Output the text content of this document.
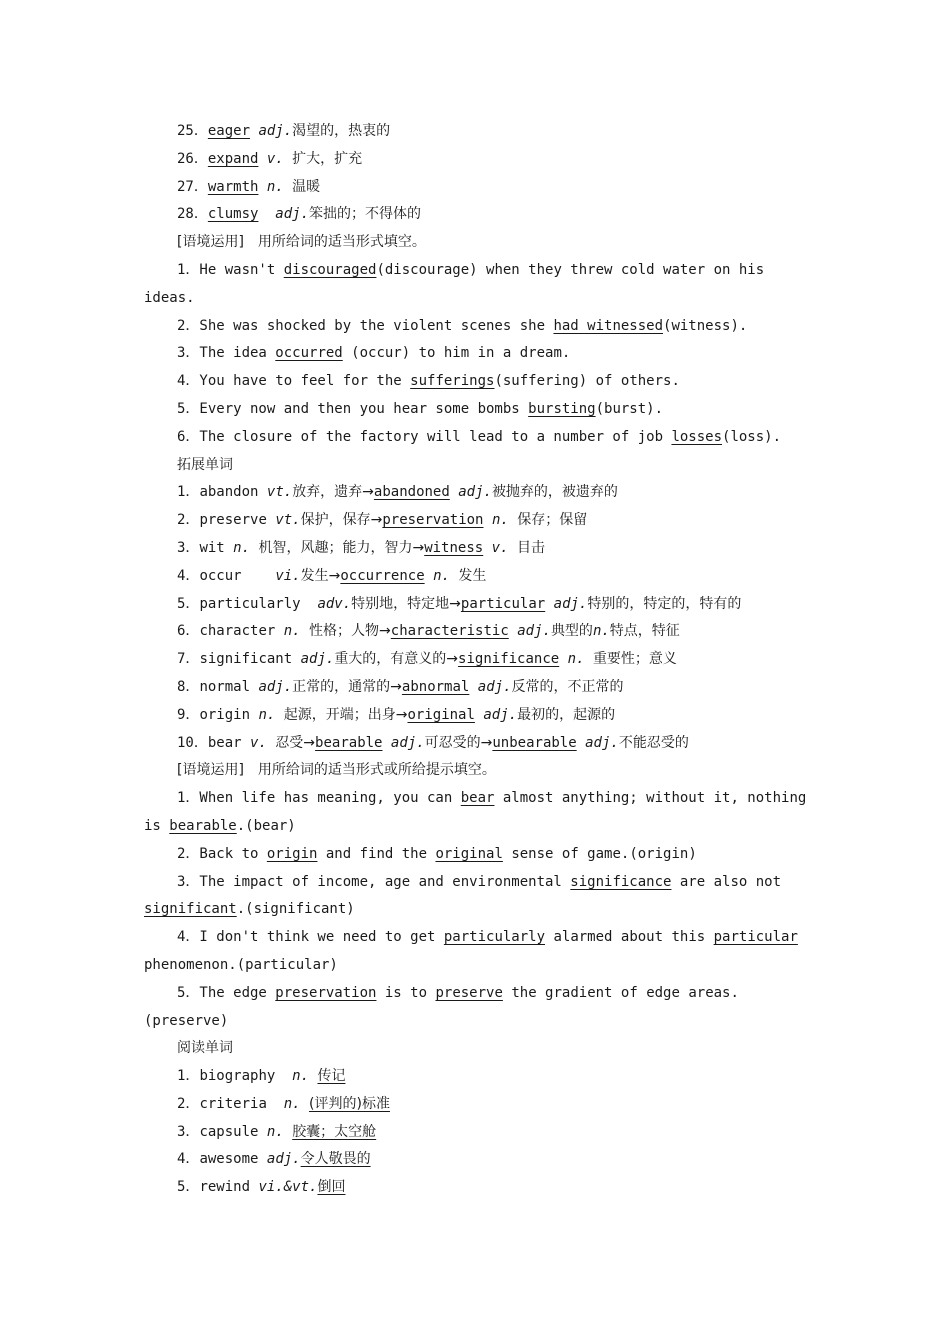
25．eager adj.渴望的，热衷的
26．expand v. 扩大，扩充
27．warmth n. 温暖
28．clumsy adj.笨拙的；不得体的
[语境运用]　用所给词的适当形式填空。
1．He wasn't discouraged(discourage) when they threw cold water on his
ideas.
2．She was shocked by the violent scenes she had witnessed(witness).
3．The idea occurred (occur) to him in a dream.
4．You have to feel for the sufferings(suffering) of others.
5．Every now and then you hear some bombs bursting(burst).
6．The closure of the factory will lead to a number of job losses(loss).
拓展单词
1．abandon vt.放弃，遗弃→abandoned adj.被抛弃的，被遗弃的
2．preserve vt.保护，保存→preservation n. 保存；保留
3．wit n. 机智，风趣；能力，智力→witness v. 目击
4．occur vi.发生→occurrence n. 发生
5．particularly adv.特别地，特定地→particular adj.特别的，特定的，特有的
6．character n. 性格；人物→characteristic adj.典型的n.特点，特征
7．significant adj.重大的，有意义的→significance n. 重要性；意义
8．normal adj.正常的，通常的→abnormal adj.反常的，不正常的
9．origin n. 起源，开端；出身→original adj.最初的，起源的
10．bear v. 忍受→bearable adj.可忍受的→unbearable adj.不能忍受的
[语境运用]　用所给词的适当形式或所给提示填空。
1．When life has meaning, you can bear almost anything; without it, nothing
is bearable.(bear)
2．Back to origin and find the original sense of game.(origin)
3．The impact of income, age and environmental significance are also not
significant.(significant)
4．I don't think we need to get particularly alarmed about this particular
phenomenon.(particular)
5．The edge preservation is to preserve the gradient of edge areas.
(preserve)
阅读单词
1．biography n. 传记
2．criteria n. (评判的)标准
3．capsule n. 胶囊；太空舱
4．awesome adj.令人敬畏的
5．rewind vi.&vt.倒回
